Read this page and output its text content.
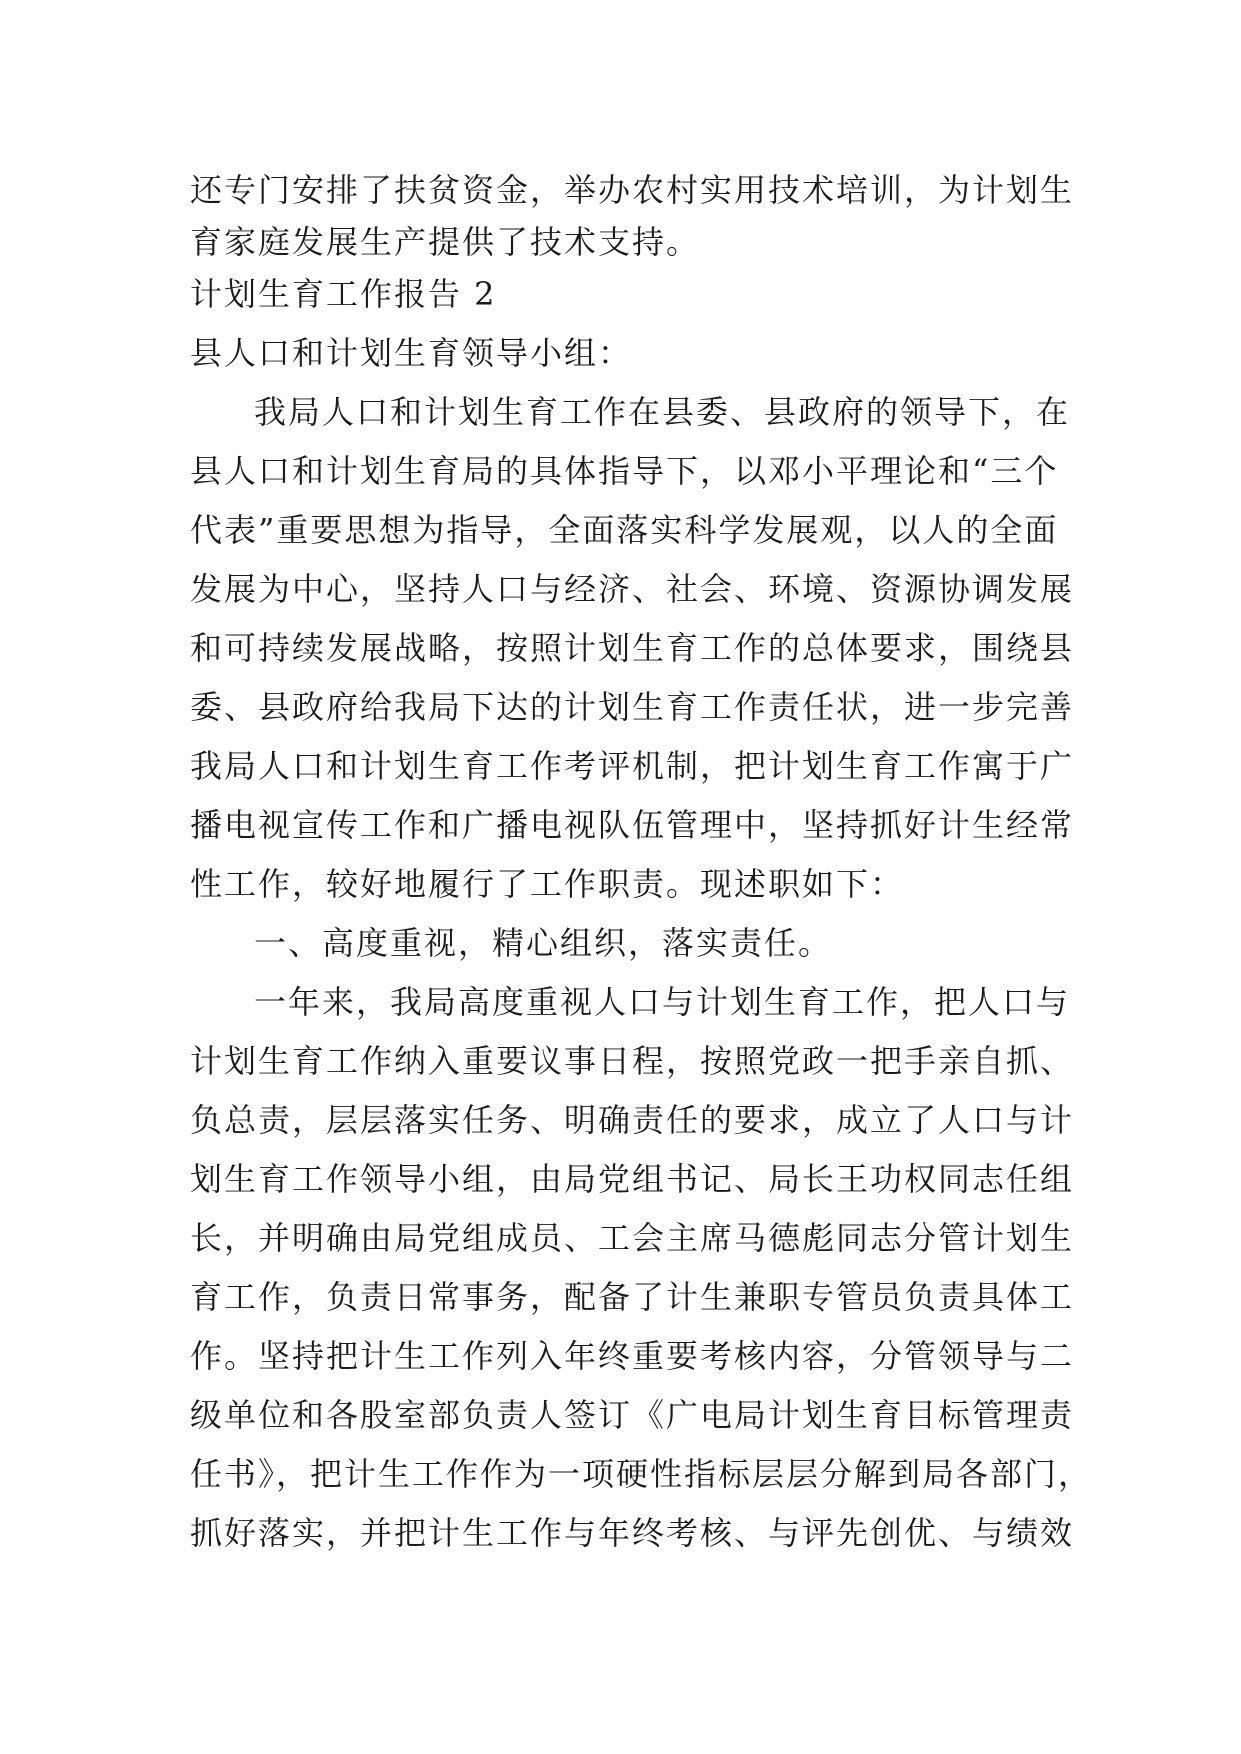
还专门安排了扶贫资金，举办农村实用技术培训，为计划生

育家庭发展生产提供了技术支持。

计划生育工作报告 2

县人口和计划生育领导小组：

我局人口和计划生育工作在县委、县政府的领导下，在

县人口和计划生育局的具体指导下，以邓小平理论和“三个

代表”重要思想为指导，全面落实科学发展观，以人的全面

发展为中心，坚持人口与经济、社会、环境、资源协调发展

和可持续发展战略，按照计划生育工作的总体要求，围绕县

委、县政府给我局下达的计划生育工作责任状，进一步完善

我局人口和计划生育工作考评机制，把计划生育工作寓于广

播电视宣传工作和广播电视队伍管理中，坚持抓好计生经常

性工作，较好地履行了工作职责。现述职如下：

一、高度重视，精心组织，落实责任。

一年来，我局高度重视人口与计划生育工作，把人口与

计划生育工作纳入重要议事日程，按照党政一把手亲自抓、

负总责，层层落实任务、明确责任的要求，成立了人口与计

划生育工作领导小组，由局党组书记、局长王功权同志任组

长，并明确由局党组成员、工会主席马德彪同志分管计划生

育工作，负责日常事务，配备了计生兼职专管员负责具体工

作。坚持把计生工作列入年终重要考核内容，分管领导与二

级单位和各股室部负责人签订《广电局计划生育目标管理责

任书》，把计生工作作为一项硬性指标层层分解到局各部门，

抓好落实，并把计生工作与年终考核、与评先创优、与绩效
